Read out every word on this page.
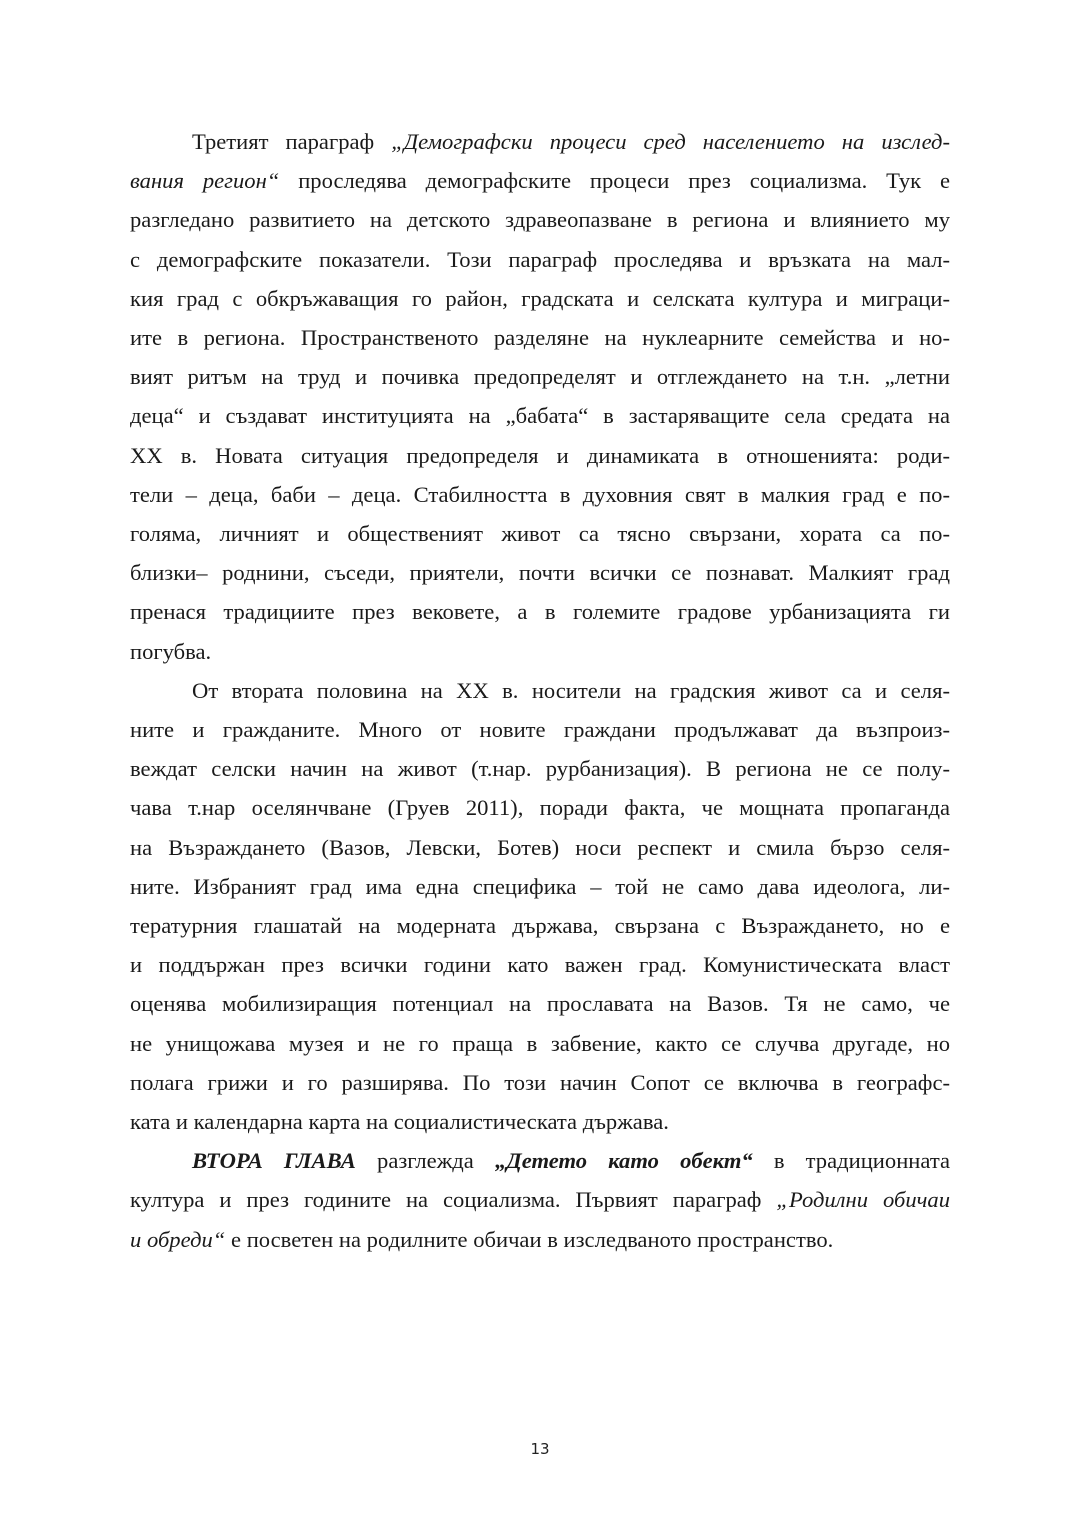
Третият параграф „Демографски процеси сред населението на изслед-
вания регион“ проследява демографските процеси през социализма. Тук е
разгледано развитието на детското здравеопазване в региона и влиянието му
с демографските показатели. Този параграф проследява и връзката на мал-
кия град с обкръжаващия го район, градската и селската култура и миграци-
ите в региона. Пространственото разделяне на нуклеарните семейства и но-
вият ритъм на труд и почивка предопределят и отглеждането на т.н. „летни
деца“ и създават институцията на „бабата“ в застаряващите села средата на
XX в. Новата ситуация предопределя и динамиката в отношенията: роди-
тели – деца, баби – деца. Стабилността в духовния свят в малкия град е по-
голяма, личният и общественият живот са тясно свързани, хората са по-
близки– роднини, съседи, приятели, почти всички се познават. Малкият град
пренася традициите през вековете, а в големите градове урбанизацията ги
погубва.
От втората половина на XX в. носители на градския живот са и селя-
ните и гражданите. Много от новите граждани продължават да възпроиз-
веждат селски начин на живот (т.нар. рурбанизация). В региона не се полу-
чава т.нар оселянчване (Груев 2011), поради факта, че мощната пропаганда
на Възраждането (Вазов, Левски, Ботев) носи респект и смила бързо селя-
ните. Избраният град има една специфика – той не само дава идеолога, ли-
тературния глашатай на модерната държава, свързана с Възраждането, но е
и поддържан през всички години като важен град. Комунистическата власт
оценява мобилизиращия потенциал на прославата на Вазов. Тя не само, че
не унищожава музея и не го праща в забвение, както се случва другаде, но
полага грижи и го разширява. По този начин Сопот се включва в географс-
ката и календарна карта на социалистическата държава.
ВТОРА ГЛАВА разглежда „Детето като обект“ в традиционната
култура и през годините на социализма. Първият параграф „Родилни обичаи
и обреди“ е посветен на родилните обичаи в изследваното пространство.
13
